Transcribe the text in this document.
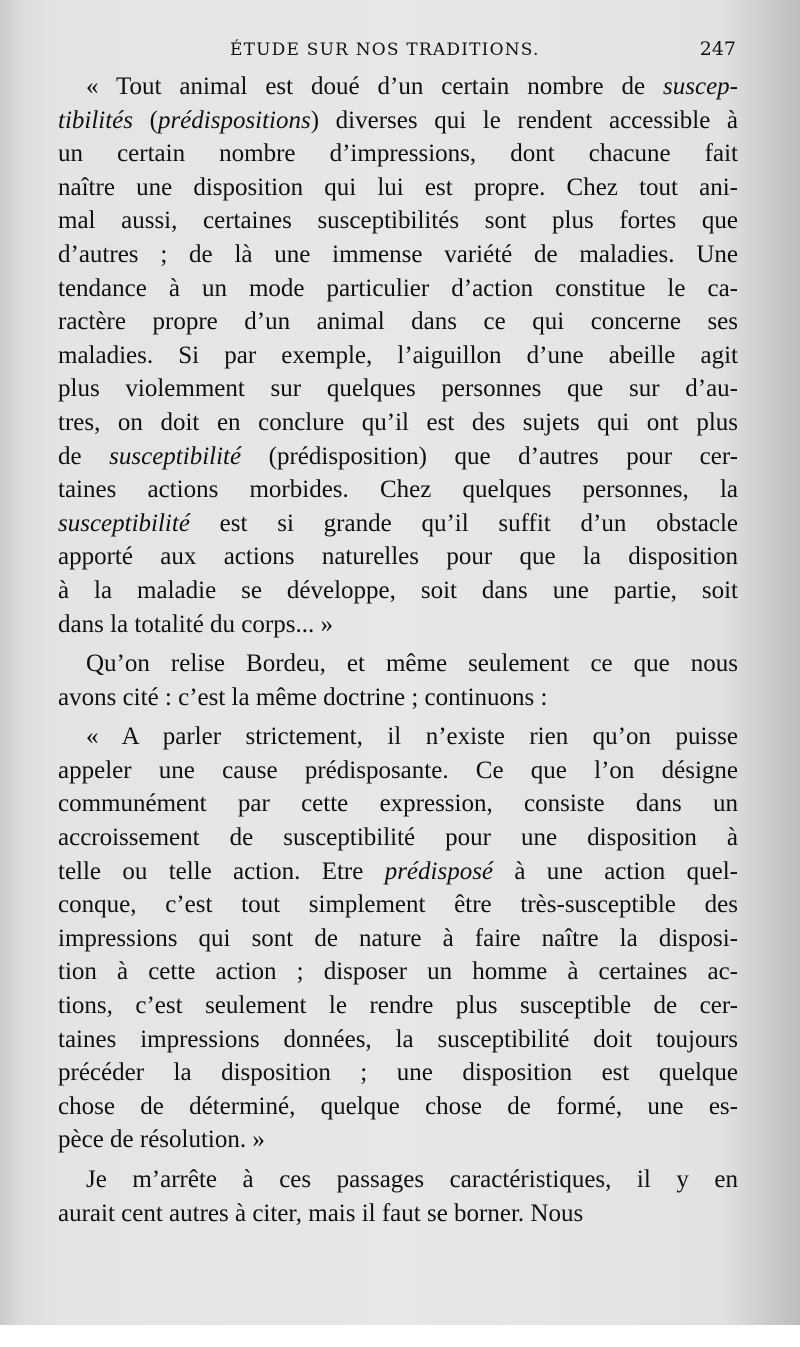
ÉTUDE SUR NOS TRADITIONS.	247
« Tout animal est doué d’un certain nombre de suscep-
tibilités (prédispositions) diverses qui le rendent accessible à
un certain nombre d’impressions, dont chacune fait
naître une disposition qui lui est propre. Chez tout ani-
mal aussi, certaines susceptibilités sont plus fortes que
d’autres ; de là une immense variété de maladies. Une
tendance à un mode particulier d’action constitue le ca-
ractère propre d’un animal dans ce qui concerne ses
maladies. Si par exemple, l’aiguillon d’une abeille agit
plus violemment sur quelques personnes que sur d’au-
tres, on doit en conclure qu’il est des sujets qui ont plus
de susceptibilité (prédisposition) que d’autres pour cer-
taines actions morbides. Chez quelques personnes, la
susceptibilité est si grande qu’il suffit d’un obstacle
apporté aux actions naturelles pour que la disposition
à la maladie se développe, soit dans une partie, soit
dans la totalité du corps... »
Qu’on relise Bordeu, et même seulement ce que nous
avons cité : c’est la même doctrine ; continuons :
« A parler strictement, il n’existe rien qu’on puisse
appeler une cause prédisposante. Ce que l’on désigne
communément par cette expression, consiste dans un
accroissement de susceptibilité pour une disposition à
telle ou telle action. Etre prédisposé à une action quel-
conque, c’est tout simplement être très-susceptible des
impressions qui sont de nature à faire naître la disposi-
tion à cette action ; disposer un homme à certaines ac-
tions, c’est seulement le rendre plus susceptible de cer-
taines impressions données, la susceptibilité doit toujours
précéder la disposition ; une disposition est quelque
chose de déterminé, quelque chose de formé, une es-
pèce de résolution. »
Je m’arrête à ces passages caractéristiques, il y en
aurait cent autres à citer, mais il faut se borner. Nous
